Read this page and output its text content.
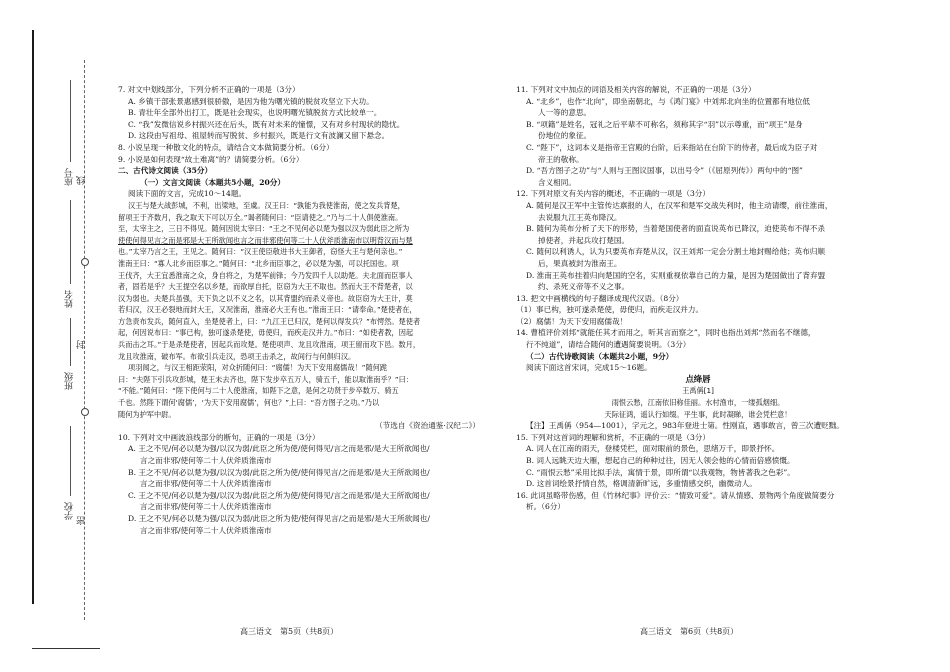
座号 线
姓名
封
班级
学校
密

7. 对文中划线部分，下列分析不正确的一项是（3分）

A. 乡镇干部张景惠感到很骄傲，是因为他为曙光镇的脱贫攻坚立下大功。

B. 青壮年全部外出打工，既是社会现实，也说明曙光镇脱贫方式比较单一。

C. “我”发微信说乡村振兴还在后头，既有对未来的憧憬，又有对乡村现状的隐忧。

D. 这段由写祖母、祖屋转而写脱贫、乡村振兴，既是行文有波澜又留下悬念。

8. 小说呈现一种散文化的特点，请结合文本做简要分析。（6分）

9. 小说是如何表现“故土难离”的？请简要分析。（6分）

二、古代诗文阅读（35分）

（一）文言文阅读（本题共5小题，20分）

阅读下面的文言，完成10～14题。

汉王与楚大战彭城，不利，出梁地，至虞。汉王曰：“孰能为我使淮南，使之发兵背楚，

留项王于齐数月，我之取天下可以万全。”谒者随何曰：“臣请使之。”乃与二十人俱使淮南。

至，太宰主之，三日不得见。随何因说太宰曰：“王之不见何必以楚为强以汉为弱此臣之所为

使使何得见言之而是邪是大王所欲闻也言之而非邪使何等二十人伏斧质淮南市以明背汉而与楚

也。”太宰乃言之王，王见之。随何曰：“汉王使臣敬进书大王御者，窃怪大王与楚何亲也。”

淮南王曰：“寡人北乡而臣事之。”随何曰：“北乡而臣事之，必以楚为强，可以托国也。项

王伐齐，大王宜悉淮南之众，身自将之，为楚军前锋；今乃发四千人以助楚。夫北面而臣事人

者，固若是乎？大王提空名以乡楚，而欲厚自托，臣窃为大王不取也。然而大王不背楚者，以

汉为弱也。夫楚兵虽强，天下负之以不义之名，以其背盟约而杀义帝也。故臣窃为大王计，莫

若归汉，汉王必裂地而封大王，又况淮南，淮南必大王有也。”淮南王曰：“请奉命。”楚使者在，

方急责布发兵，随何直入，坐楚使者上，曰：“九江王已归汉，楚何以得发兵？”布愕然。楚使者

起，何因说布曰：“事已构，独可遂杀楚使，毋使归，而疾走汉并力。”布曰：“如使者教，因起

兵而击之耳。”于是杀楚使者，因起兵而攻楚。楚使项声、龙且攻淮南，项王留而攻下邑。数月，

龙且攻淮南，破布军。布欲引兵走汉，恐项王击杀之，故间行与何俱归汉。

项羽闻之，与汉王相距荥阳，对众折随何曰：“腐儒！为天下安用腐儒哉！”随何跪

曰：“夫陛下引兵攻彭城，楚王未去齐也，陛下发步卒五万人，骑五千，能以取淮南乎？”曰：

“不能。”随何曰：“陛下使何与二十人使淮南，如陛下之意，是何之功贤于步卒数万、骑五

千也。然陛下谓何‘腐儒’，‘为天下安用腐儒’，何也？”上曰：“吾方图子之功。”乃以

随何为护军中尉。

（节选自《资治通鉴·汉纪二》）

10. 下列对文中画波浪线部分的断句，正确的一项是（3分）

A. 王之不见/何必以楚为强/以汉为弱/此臣之所为使/使何得见/言之而是邪/是大王所欲闻也/

言之而非邪/使何等二十人伏斧质淮南市

B. 王之不见/何必以楚为强/以汉为弱/此臣之所为使/使何得见言/之而是邪/是大王所欲闻也/

言之而非邪/使何等二十人伏斧质淮南市

C. 王之不见/何必以楚为强/以汉为弱/此臣之所为使/使何得见/言之而是邪/是大王所欲闻也/

言之而非邪/使何等二十人伏斧质淮南市

D. 王之不见/何必以楚为强/以汉为弱/此臣之所为使/使何得见言/之而是邪/是大王所欲闻也/

言之而非邪/使何等二十人伏斧质淮南市

高三语文　第5页（共8页）

11. 下列对文中加点的词语及相关内容的解说，不正确的一项是（3分）

A. “北乡”，也作“北向”，即坐南朝北，与《鸿门宴》中刘邦北向坐的位置都有地位低

人一等的意思。

B. “项籍”是姓名，冠礼之后平辈不可称名，须称其字“羽”以示尊重，而“项王”是身

份地位的象征。

C. “陛下”，这词本义是指帝王宫殿的台阶，后来指站在台阶下的侍者，最后成为臣子对

帝王的敬称。

D. “吾方图子之功”与“人则与王图议国事，以出号令”（《屈原列传》）两句中的“图”

含义相同。

12. 下列对原文有关内容的概述，不正确的一项是（3分）

A. 随何是汉王军中主管传达禀报的人，在汉军和楚军交战失利时，他主动请缨，前往淮南，

去说服九江王英布降汉。

B. 随何为英布分析了天下的形势，当着楚国使者的面直说英布已降汉，迫使英布不得不杀

掉使者，并起兵攻打楚国。

C. 随何以利诱人，认为只要英布弃楚从汉，汉王刘邦一定会分割土地封赐给他；英布归顺

后，果真被封为淮南王。

D. 淮南王英布挂着归向楚国的空名，实则重视依靠自己的力量，是因为楚国做出了背弃盟

约、杀死义帝等不义之事。

13. 把文中画横线的句子翻译成现代汉语。（8分）

（1）事已构，独可遂杀楚使，毋使归，而疾走汉并力。

（2）腐儒！为天下安用腐儒哉！

14. 曹植评价刘邦“就能任其才而用之，听其言而察之”，同时也指出刘邦“然而名不继德，

行不纯道”，请结合随何的遭遇简要说明。（3分）

（二）古代诗歌阅读（本题共2小题，9分）

阅读下面这首宋词，完成15～16题。

点绛唇

王禹偁[1]

雨恨云愁，江南依旧称佳丽。水村渔市，一缕孤烟细。

天际征鸿，遥认行如缀。平生事，此时凝睇，谁会凭栏意！

【注】王禹偁（954—1001），字元之，983年登进士第。性刚直，遇事敢言，曾三次遭贬黜。

15. 下列对这首词的理解和赏析，不正确的一项是（3分）

A. 词人在江南的雨天，登楼凭栏，面对眼前的景色，思绪万千，即景抒怀。

B. 词人远眺天边大雁，想起自己的种种过往，因无人领会他的心情而倍感愤慨。

C. “雨恨云愁”采用比拟手法，寓情于景，即所谓“以我观物，物皆著我之色彩”。

D. 这首词绘景抒情自然，格调清新旷远，多重情感交织，幽微动人。

16. 此词虽略带伤感，但《竹林纪事》评价云：“情致可爱”。请从情感、景物两个角度做简要分

析。（6分）

高三语文　第6页（共8页）
